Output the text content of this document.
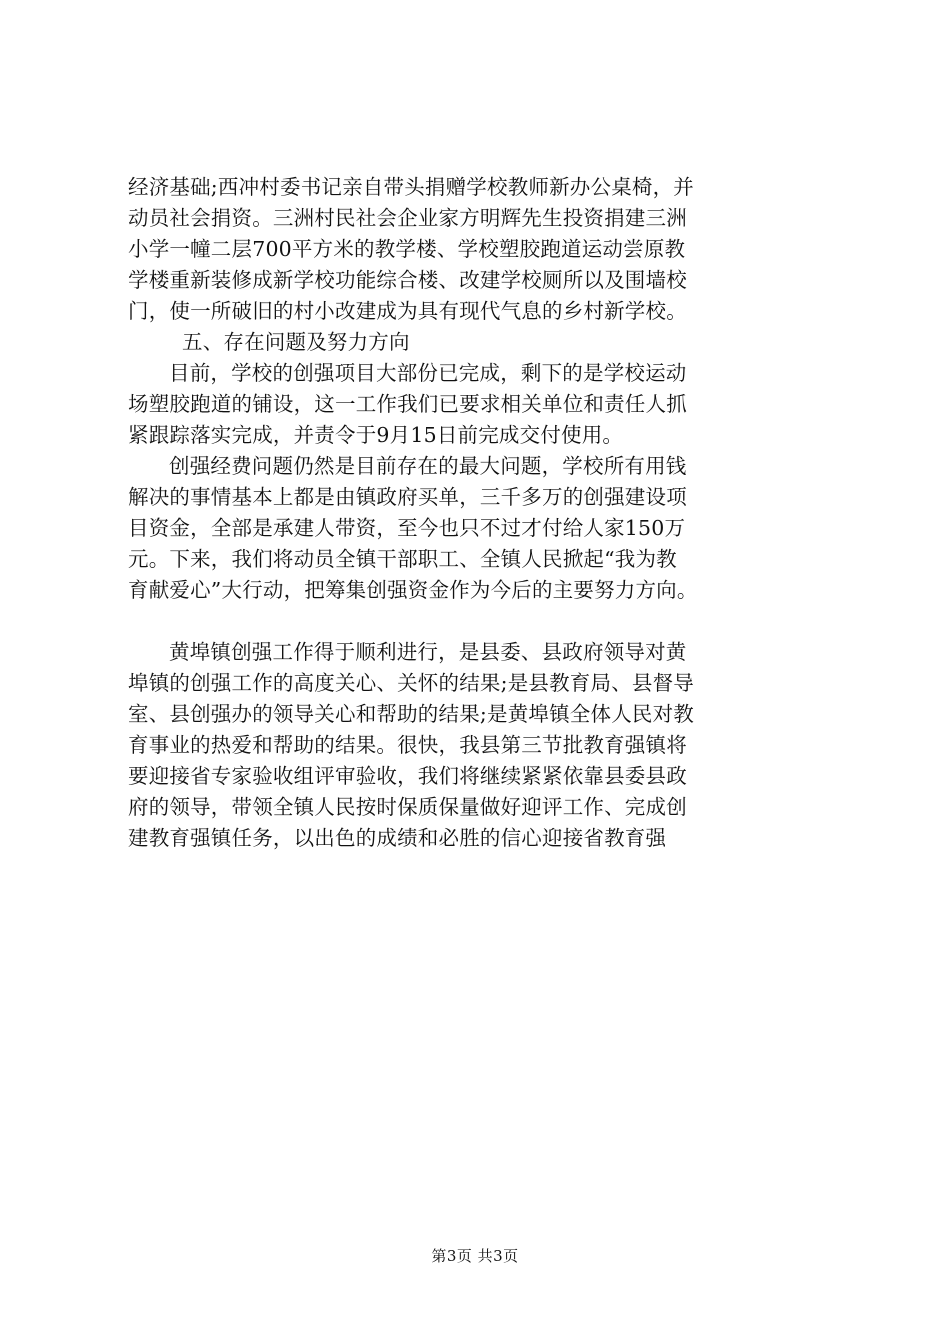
经济基础;西冲村委书记亲自带头捐赠学校教师新办公桌椅，并
动员社会捐资。三洲村民社会企业家方明辉先生投资捐建三洲
小学一幢二层700平方米的教学楼、学校塑胶跑道运动尝原教
学楼重新装修成新学校功能综合楼、改建学校厕所以及围墙校
门，使一所破旧的村小改建成为具有现代气息的乡村新学校。
五、存在问题及努力方向
目前，学校的创强项目大部份已完成，剩下的是学校运动
场塑胶跑道的铺设，这一工作我们已要求相关单位和责任人抓
紧跟踪落实完成，并责令于9月15日前完成交付使用。
创强经费问题仍然是目前存在的最大问题，学校所有用钱
解决的事情基本上都是由镇政府买单，三千多万的创强建设项
目资金，全部是承建人带资，至今也只不过才付给人家150万
元。下来，我们将动员全镇干部职工、全镇人民掀起“我为教
育献爱心”大行动，把筹集创强资金作为今后的主要努力方向。
黄埠镇创强工作得于顺利进行，是县委、县政府领导对黄
埠镇的创强工作的高度关心、关怀的结果;是县教育局、县督导
室、县创强办的领导关心和帮助的结果;是黄埠镇全体人民对教
育事业的热爱和帮助的结果。很快，我县第三节批教育强镇将
要迎接省专家验收组评审验收，我们将继续紧紧依靠县委县政
府的领导，带领全镇人民按时保质保量做好迎评工作、完成创
建教育强镇任务，以出色的成绩和必胜的信心迎接省教育强
第3页 共3页
